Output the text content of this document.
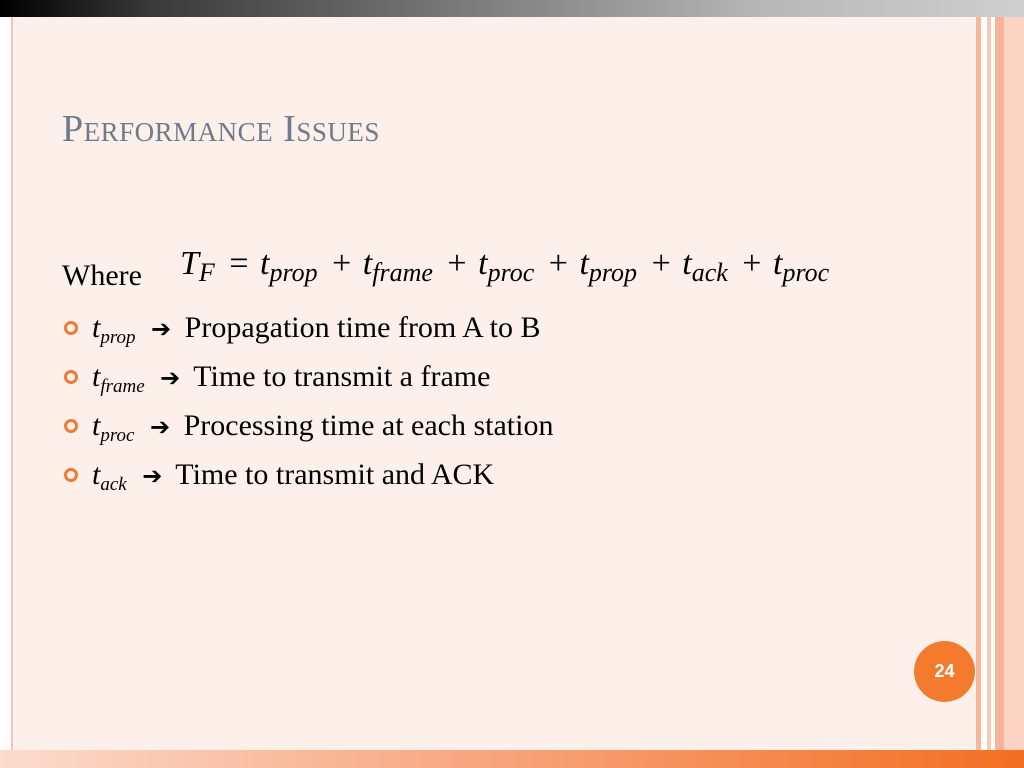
Performance Issues
Where $T_F = t_{prop} + t_{frame} + t_{proc} + t_{prop} + t_{ack} + t_{proc}$
$t_{prop}$ ➔ Propagation time from A to B
$t_{frame}$ ➔ Time to transmit a frame
$t_{proc}$ ➔ Processing time at each station
$t_{ack}$ ➔ Time to transmit and ACK
24
